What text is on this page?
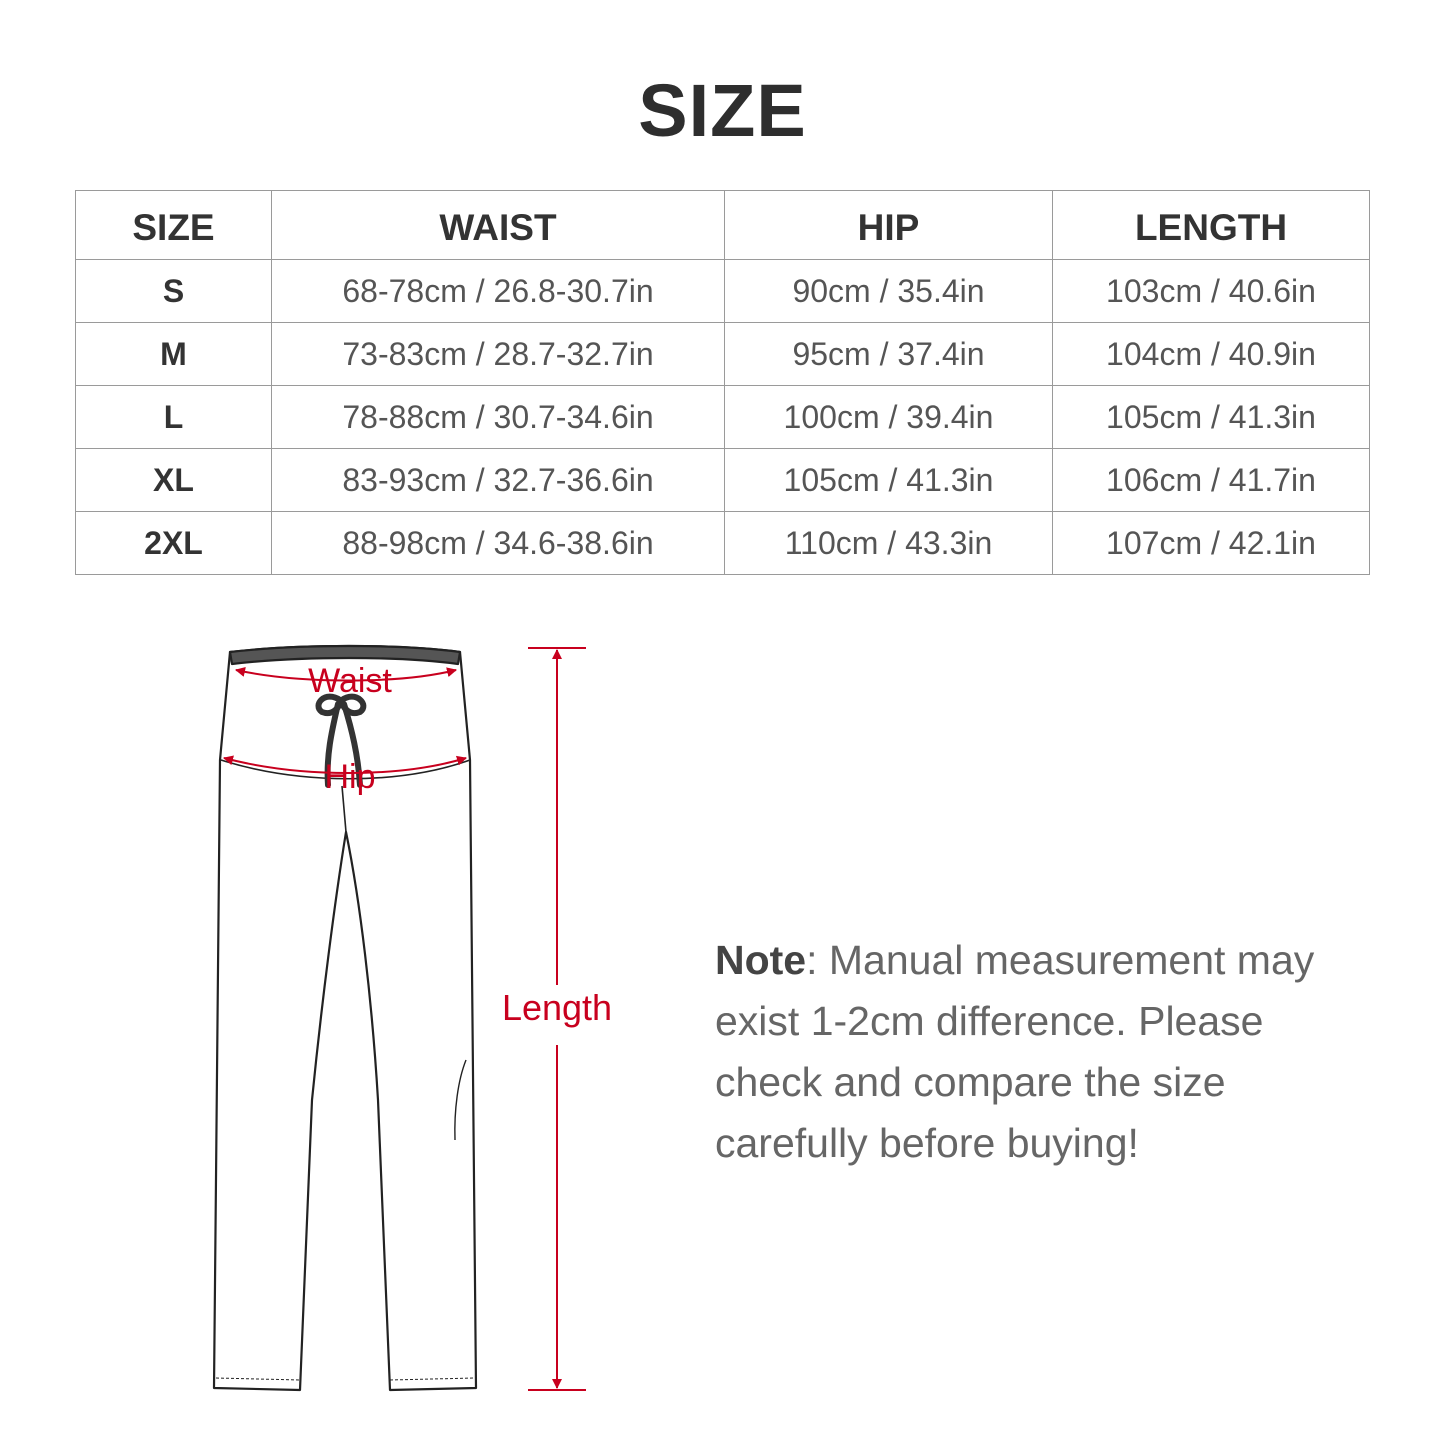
SIZE
SIZE	WAIST	HIP	LENGTH
S	68-78cm / 26.8-30.7in	90cm / 35.4in	103cm / 40.6in
M	73-83cm / 28.7-32.7in	95cm / 37.4in	104cm / 40.9in
L	78-88cm / 30.7-34.6in	100cm / 39.4in	105cm / 41.3in
XL	83-93cm / 32.7-36.6in	105cm / 41.3in	106cm / 41.7in
2XL	88-98cm / 34.6-38.6in	110cm / 43.3in	107cm / 42.1in
Waist
Hip
Length
Note: Manual measurement may exist 1-2cm difference. Please check and compare the size carefully before buying!
